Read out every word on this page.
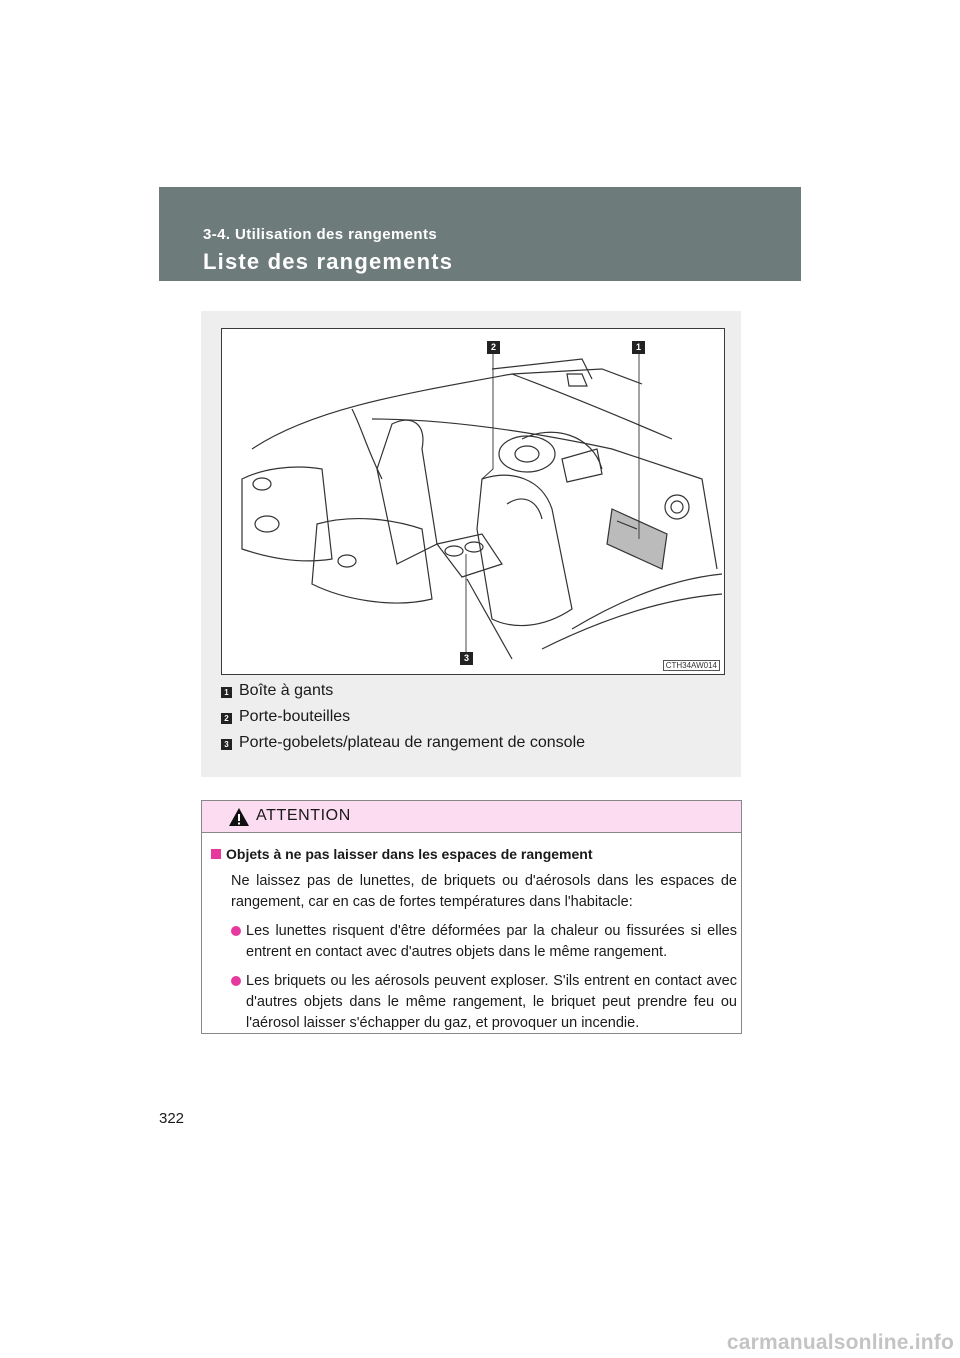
3-4. Utilisation des rangements
Liste des rangements
1
2
3
CTH34AW014
1 Boîte à gants
2 Porte-bouteilles
3 Porte-gobelets/plateau de rangement de console
ATTENTION
Objets à ne pas laisser dans les espaces de rangement
Ne laissez pas de lunettes, de briquets ou d'aérosols dans les espaces de rangement, car en cas de fortes températures dans l'habitacle:
Les lunettes risquent d'être déformées par la chaleur ou fissurées si elles entrent en contact avec d'autres objets dans le même rangement.
Les briquets ou les aérosols peuvent exploser. S'ils entrent en contact avec d'autres objets dans le même rangement, le briquet peut prendre feu ou l'aérosol laisser s'échapper du gaz, et provoquer un incendie.
322
carmanualsonline.info
